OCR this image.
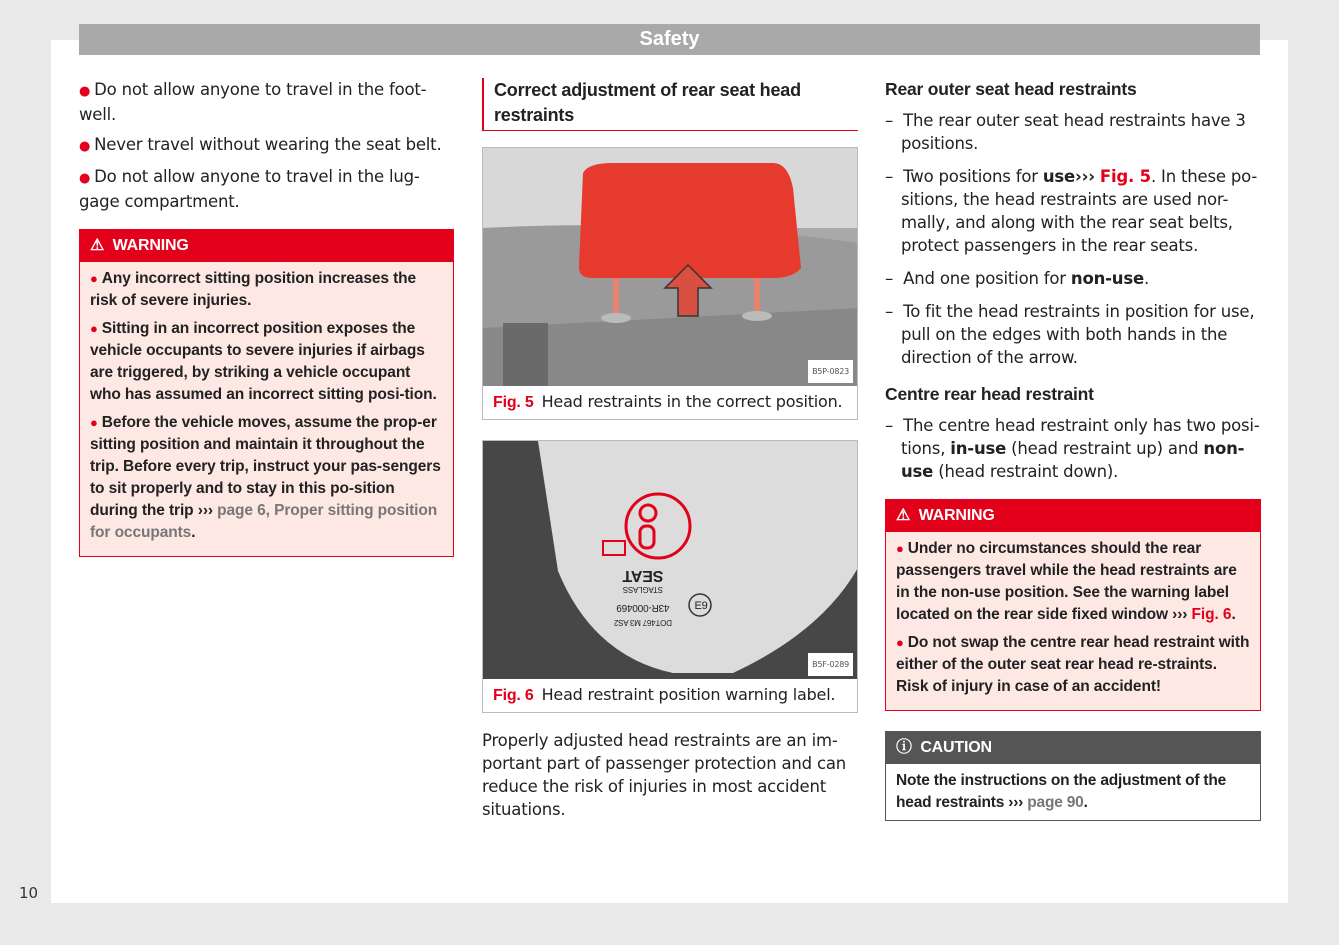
Safety
10

● Do not allow anyone to travel in the foot-well.

● Never travel without wearing the seat belt.

● Do not allow anyone to travel in the lug-gage compartment.

⚠ WARNING

● Any incorrect sitting position increases the risk of severe injuries.

● Sitting in an incorrect position exposes the vehicle occupants to severe injuries if airbags are triggered, by striking a vehicle occupant who has assumed an incorrect sitting posi-tion.

● Before the vehicle moves, assume the prop-er sitting position and maintain it throughout the trip. Before every trip, instruct your pas-sengers to sit properly and to stay in this po-sition during the trip ››› page 6, Proper sitting position for occupants.

Correct adjustment of rear seat head restraints
B5P-0823
Fig. 5 Head restraints in the correct position.
SEAT
STAGLASS
43R-000469
DOT467 M3 AS2
E9
B5F-0289
Fig. 6 Head restraint position warning label.

Properly adjusted head restraints are an im-portant part of passenger protection and can reduce the risk of injuries in most accident situations.

Rear outer seat head restraints
– The rear outer seat head restraints have 3 positions.
– Two positions for use››› Fig. 5. In these po-sitions, the head restraints are used nor-mally, and along with the rear seat belts, protect passengers in the rear seats.
– And one position for non-use.
– To fit the head restraints in position for use, pull on the edges with both hands in the direction of the arrow.
Centre rear head restraint
– The centre head restraint only has two posi-tions, in-use (head restraint up) and non-use (head restraint down).
⚠ WARNING

● Under no circumstances should the rear passengers travel while the head restraints are in the non-use position. See the warning label located on the rear side fixed window ››› Fig. 6.

● Do not swap the centre rear head restraint with either of the outer seat rear head re-straints. Risk of injury in case of an accident!

ⓘ CAUTION
Note the instructions on the adjustment of the head restraints ››› page 90.
